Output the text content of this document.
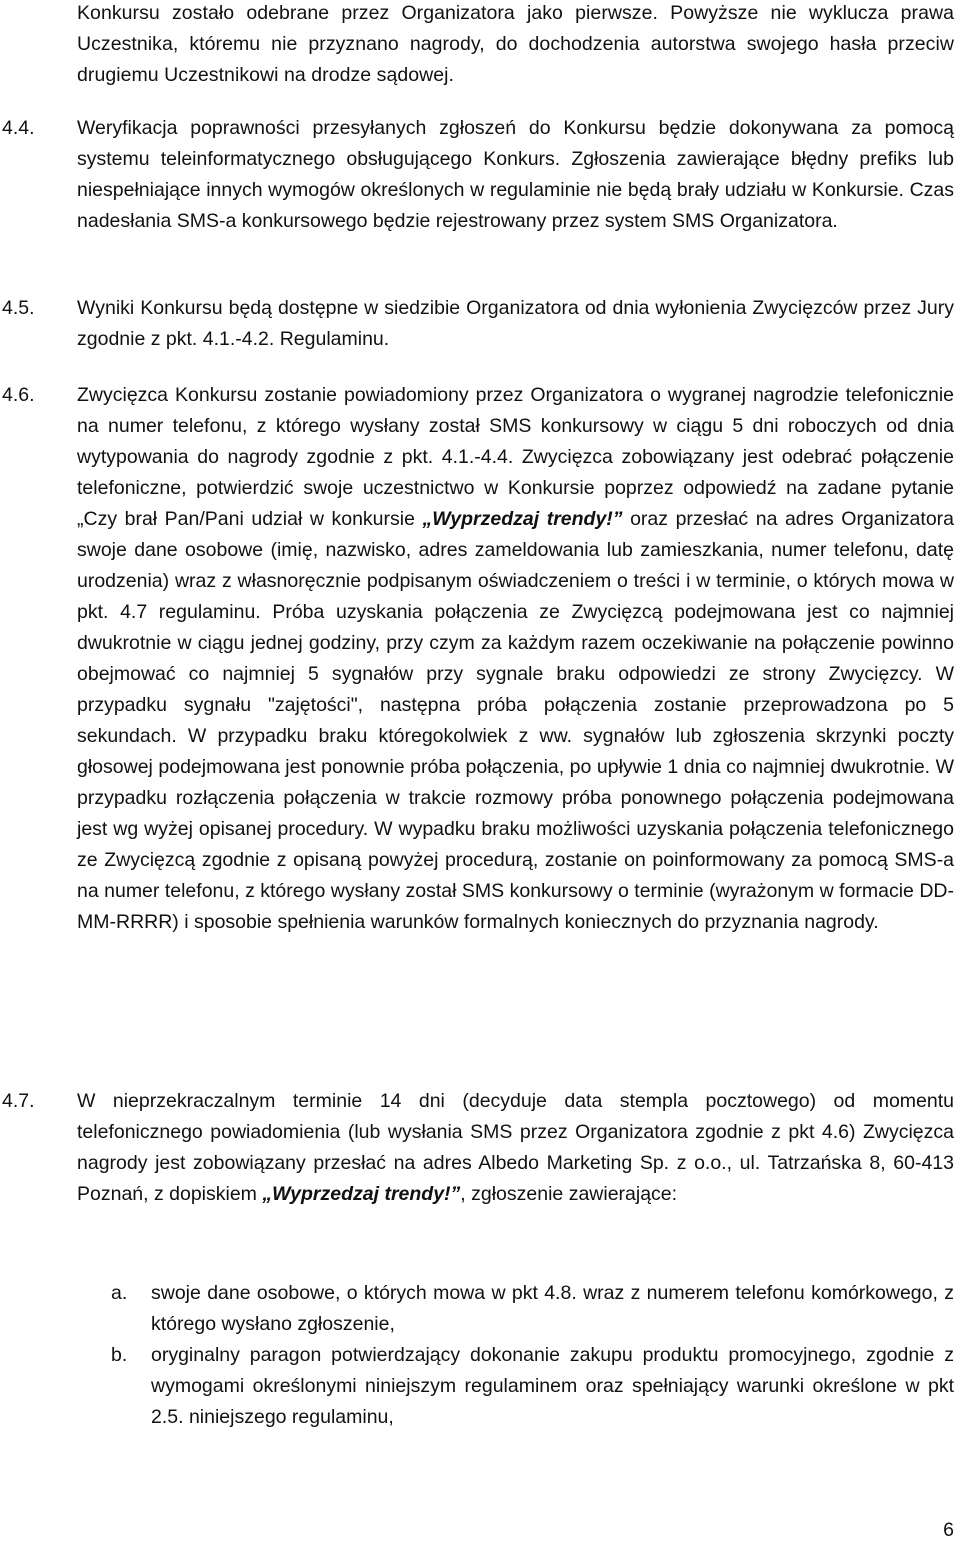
Konkursu zostało odebrane przez Organizatora jako pierwsze. Powyższe nie wyklucza prawa Uczestnika, któremu nie przyznano nagrody, do dochodzenia autorstwa swojego hasła przeciw drugiemu Uczestnikowi na drodze sądowej.
4.4. Weryfikacja poprawności przesyłanych zgłoszeń do Konkursu będzie dokonywana za pomocą systemu teleinformatycznego obsługującego Konkurs. Zgłoszenia zawierające błędny prefiks lub niespełniające innych wymogów określonych w regulaminie nie będą brały udziału w Konkursie. Czas nadesłania SMS-a konkursowego będzie rejestrowany przez system SMS Organizatora.
4.5. Wyniki Konkursu będą dostępne w siedzibie Organizatora od dnia wyłonienia Zwycięzców przez Jury zgodnie z pkt. 4.1.-4.2. Regulaminu.
4.6. Zwycięzca Konkursu zostanie powiadomiony przez Organizatora o wygranej nagrodzie telefonicznie na numer telefonu, z którego wysłany został SMS konkursowy w ciągu 5 dni roboczych od dnia wytypowania do nagrody zgodnie z pkt. 4.1.-4.4. Zwycięzca zobowiązany jest odebrać połączenie telefoniczne, potwierdzić swoje uczestnictwo w Konkursie poprzez odpowiedź na zadane pytanie „Czy brał Pan/Pani udział w konkursie „Wyprzedzaj trendy!” oraz przesłać na adres Organizatora swoje dane osobowe (imię, nazwisko, adres zameldowania lub zamieszkania, numer telefonu, datę urodzenia) wraz z własnoręcznie podpisanym oświadczeniem o treści i w terminie, o których mowa w pkt. 4.7 regulaminu. Próba uzyskania połączenia ze Zwycięzcą podejmowana jest co najmniej dwukrotnie w ciągu jednej godziny, przy czym za każdym razem oczekiwanie na połączenie powinno obejmować co najmniej 5 sygnałów przy sygnale braku odpowiedzi ze strony Zwycięzcy. W przypadku sygnału "zajętości", następna próba połączenia zostanie przeprowadzona po 5 sekundach. W przypadku braku któregokolwiek z ww. sygnałów lub zgłoszenia skrzynki poczty głosowej podejmowana jest ponownie próba połączenia, po upływie 1 dnia co najmniej dwukrotnie. W przypadku rozłączenia połączenia w trakcie rozmowy próba ponownego połączenia podejmowana jest wg wyżej opisanej procedury. W wypadku braku możliwości uzyskania połączenia telefonicznego ze Zwycięzcą zgodnie z opisaną powyżej procedurą, zostanie on poinformowany za pomocą SMS-a na numer telefonu, z którego wysłany został SMS konkursowy o terminie (wyrażonym w formacie DD-MM-RRRR) i sposobie spełnienia warunków formalnych koniecznych do przyznania nagrody.
4.7. W nieprzekraczalnym terminie 14 dni (decyduje data stempla pocztowego) od momentu telefonicznego powiadomienia (lub wysłania SMS przez Organizatora zgodnie z pkt 4.6) Zwycięzca nagrody jest zobowiązany przesłać na adres Albedo Marketing Sp. z o.o., ul. Tatrzańska 8, 60-413 Poznań, z dopiskiem „Wyprzedzaj trendy!”, zgłoszenie zawierające:
a. swoje dane osobowe, o których mowa w pkt 4.8. wraz z numerem telefonu komórkowego, z którego wysłano zgłoszenie,
b. oryginalny paragon potwierdzający dokonanie zakupu produktu promocyjnego, zgodnie z wymogami określonymi niniejszym regulaminem oraz spełniający warunki określone w pkt 2.5. niniejszego regulaminu,
6
